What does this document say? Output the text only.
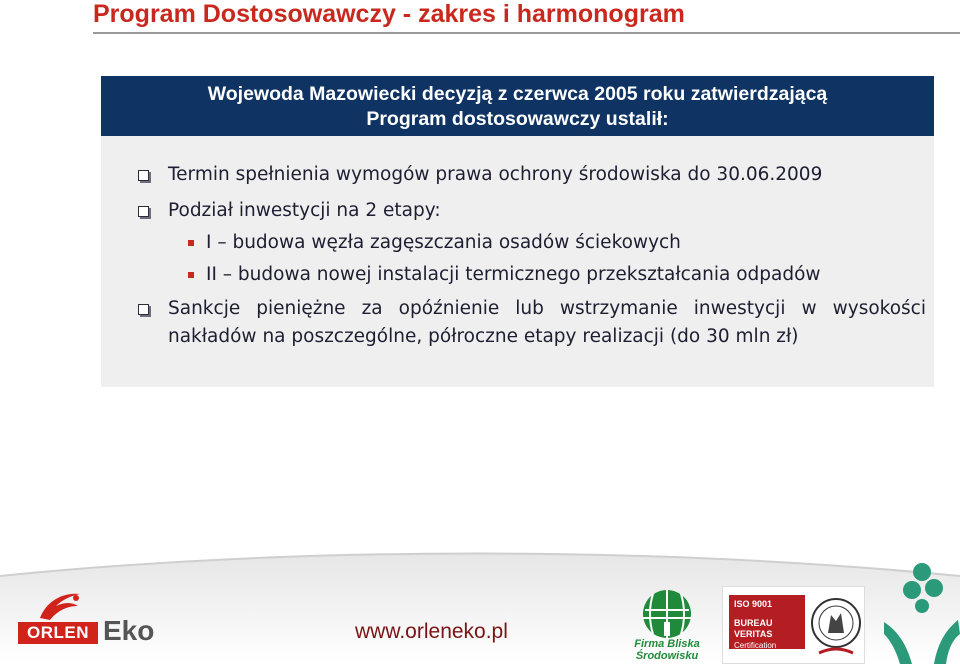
Program Dostosowawczy - zakres i harmonogram
Wojewoda Mazowiecki decyzją z czerwca 2005 roku zatwierdzającą
Program dostosowawczy ustalił:
Termin spełnienia wymogów prawa ochrony środowiska do 30.06.2009
Podział inwestycji na 2 etapy:
I – budowa węzła zagęszczania osadów ściekowych
II – budowa nowej instalacji termicznego przekształcania odpadów
Sankcje pieniężne za opóźnienie lub wstrzymanie inwestycji w wysokości nakładów na poszczególne, półroczne etapy realizacji (do 30 mln zł)
ORLEN Eko	www.orleneko.pl
Firma Bliska
Środowisku
ISO 9001
BUREAU VERITAS
Certification
